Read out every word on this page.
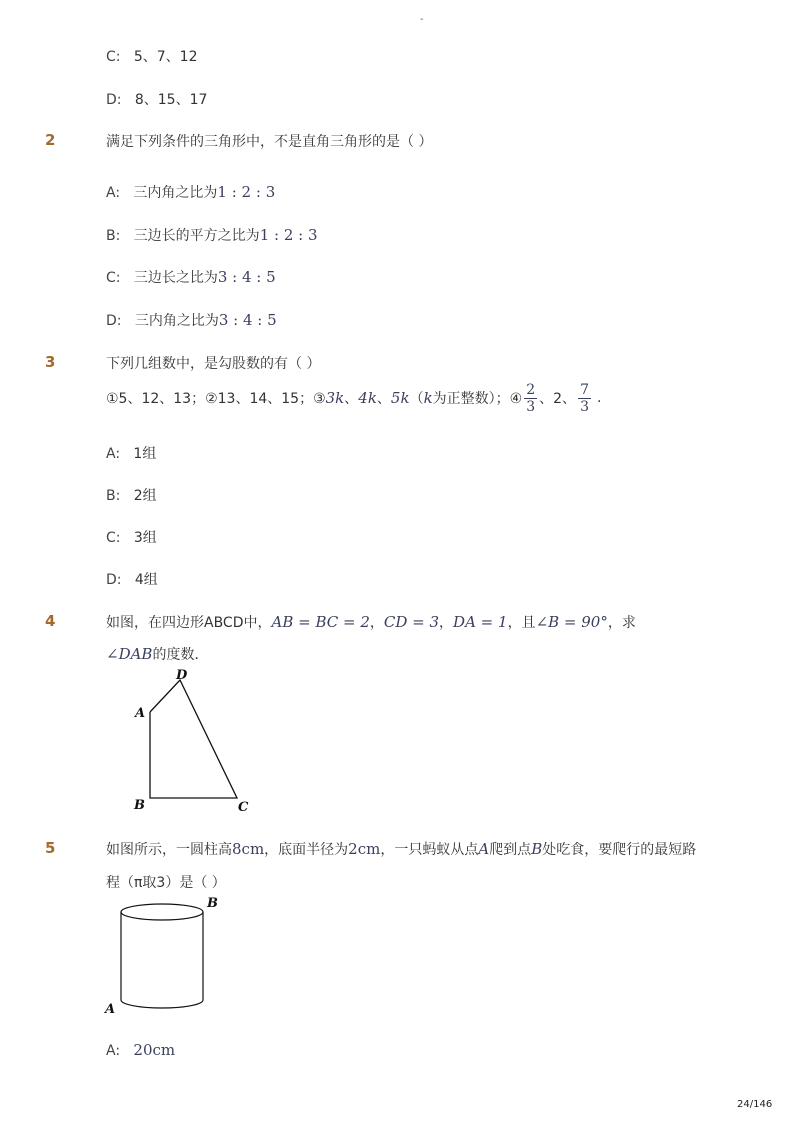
-
C: 5、7、12
D: 8、15、17
2	满足下列条件的三角形中，不是直角三角形的是（ ）
A: 三内角之比为1 : 2 : 3
B: 三边长的平方之比为1 : 2 : 3
C: 三边长之比为3 : 4 : 5
D: 三内角之比为3 : 4 : 5
3	下列几组数中，是勾股数的有（ ）
①5、12、13；②13、14、15；③ 3k 、 4k 、 5k （ k 为正整数）；④ $\frac{2}{3}$ 、2、 $\frac{7}{3}$ .
A: 1组
B: 2组
C: 3组
D: 4组
4	如图，在四边形ABCD中，AB = BC = 2，CD = 3，DA = 1，且∠B = 90°，求
∠DAB的度数．
A
B	C
D
5	如图所示，一圆柱高8cm，底面半径为2cm，一只蚂蚁从点A爬到点B处吃食，要爬行的最短路
程（π取3）是（ ）
B
A
A: 20cm
24/146
